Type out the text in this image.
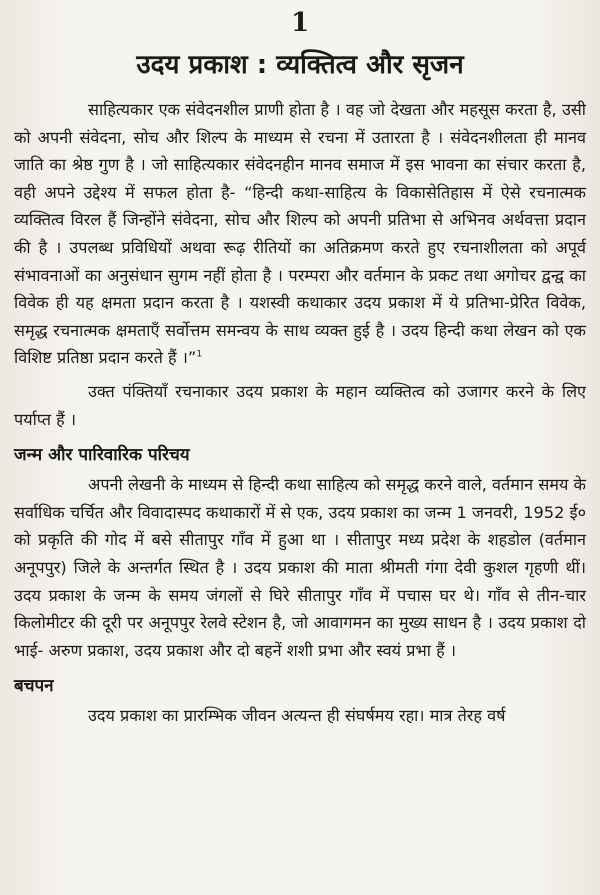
1
उदय प्रकाश : व्यक्तित्व और सृजन

साहित्यकार एक संवेदनशील प्राणी होता है । वह जो देखता और महसूस करता है, उसी को अपनी संवेदना, सोच और शिल्प के माध्यम से रचना में उतारता है । संवेदनशीलता ही मानव जाति का श्रेष्ठ गुण है । जो साहित्यकार संवेदनहीन मानव समाज में इस भावना का संचार करता है, वही अपने उद्देश्य में सफल होता है- “हिन्दी कथा-साहित्य के विकासेतिहास में ऐसे रचनात्मक व्यक्तित्व विरल हैं जिन्होंने संवेदना, सोच और शिल्प को अपनी प्रतिभा से अभिनव अर्थवत्ता प्रदान की है । उपलब्ध प्रविधियों अथवा रूढ़ रीतियों का अतिक्रमण करते हुए रचनाशीलता को अपूर्व संभावनाओं का अनुसंधान सुगम नहीं होता है । परम्परा और वर्तमान के प्रकट तथा अगोचर द्वन्द्व का विवेक ही यह क्षमता प्रदान करता है । यशस्वी कथाकार उदय प्रकाश में ये प्रतिभा-प्रेरित विवेक, समृद्ध रचनात्मक क्षमताएँ सर्वोत्तम समन्वय के साथ व्यक्त हुई है । उदय हिन्दी कथा लेखन को एक विशिष्ट प्रतिष्ठा प्रदान करते हैं ।”$^1$

उक्त पंक्तियाँ रचनाकार उदय प्रकाश के महान व्यक्तित्व को उजागर करने के लिए पर्याप्त हैं ।

जन्म और पारिवारिक परिचय

अपनी लेखनी के माध्यम से हिन्दी कथा साहित्य को समृद्ध करने वाले, वर्तमान समय के सर्वाधिक चर्चित और विवादास्पद कथाकारों में से एक, उदय प्रकाश का जन्म 1 जनवरी, 1952 ई० को प्रकृति की गोद में बसे सीतापुर गाँव में हुआ था । सीतापुर मध्य प्रदेश के शहडोल (वर्तमान अनूपपुर) जिले के अन्तर्गत स्थित है । उदय प्रकाश की माता श्रीमती गंगा देवी कुशल गृहणी थीं। उदय प्रकाश के जन्म के समय जंगलों से घिरे सीतापुर गाँव में पचास घर थे। गाँव से तीन-चार किलोमीटर की दूरी पर अनूपपुर रेलवे स्टेशन है, जो आवागमन का मुख्य साधन है । उदय प्रकाश दो भाई- अरुण प्रकाश, उदय प्रकाश और दो बहनें शशी प्रभा और स्वयं प्रभा हैं ।

बचपन

उदय प्रकाश का प्रारम्भिक जीवन अत्यन्त ही संघर्षमय रहा। मात्र तेरह वर्ष
